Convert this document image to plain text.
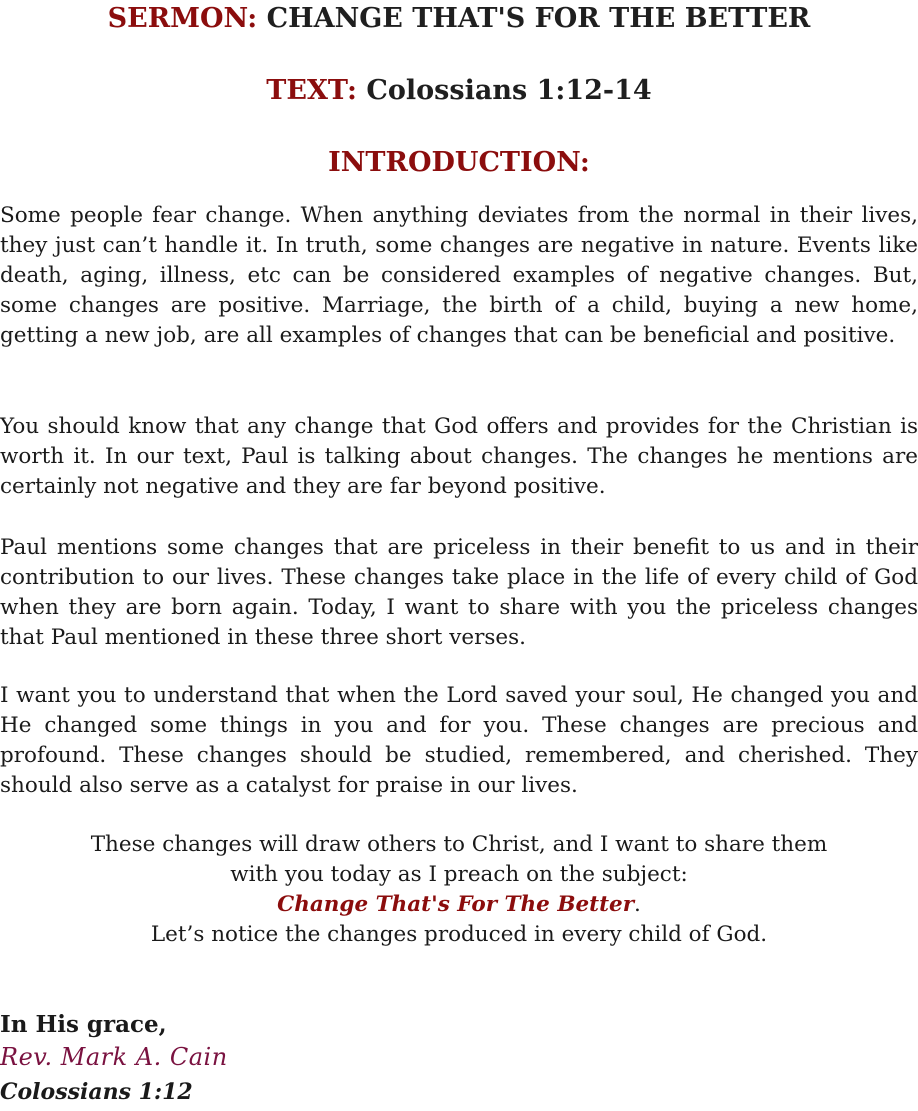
SERMON: CHANGE THAT'S FOR THE BETTER
TEXT: Colossians 1:12-14
INTRODUCTION:

Some people fear change. When anything deviates from the normal in their lives, they just can’t handle it. In truth, some changes are negative in nature. Events like death, aging, illness, etc can be considered examples of negative changes. But, some changes are positive. Marriage, the birth of a child, buying a new home, getting a new job, are all examples of changes that can be beneficial and positive.

You should know that any change that God offers and provides for the Christian is worth it. In our text, Paul is talking about changes. The changes he mentions are certainly not negative and they are far beyond positive.

Paul mentions some changes that are priceless in their benefit to us and in their contribution to our lives. These changes take place in the life of every child of God when they are born again. Today, I want to share with you the priceless changes that Paul mentioned in these three short verses.

I want you to understand that when the Lord saved your soul, He changed you and He changed some things in you and for you. These changes are precious and profound. These changes should be studied, remembered, and cherished. They should also serve as a catalyst for praise in our lives.

These changes will draw others to Christ, and I want to share them
with you today as I preach on the subject:
Change That's For The Better.
Let’s notice the changes produced in every child of God.

In His grace,

Rev. Mark A. Cain

Colossians 1:12
